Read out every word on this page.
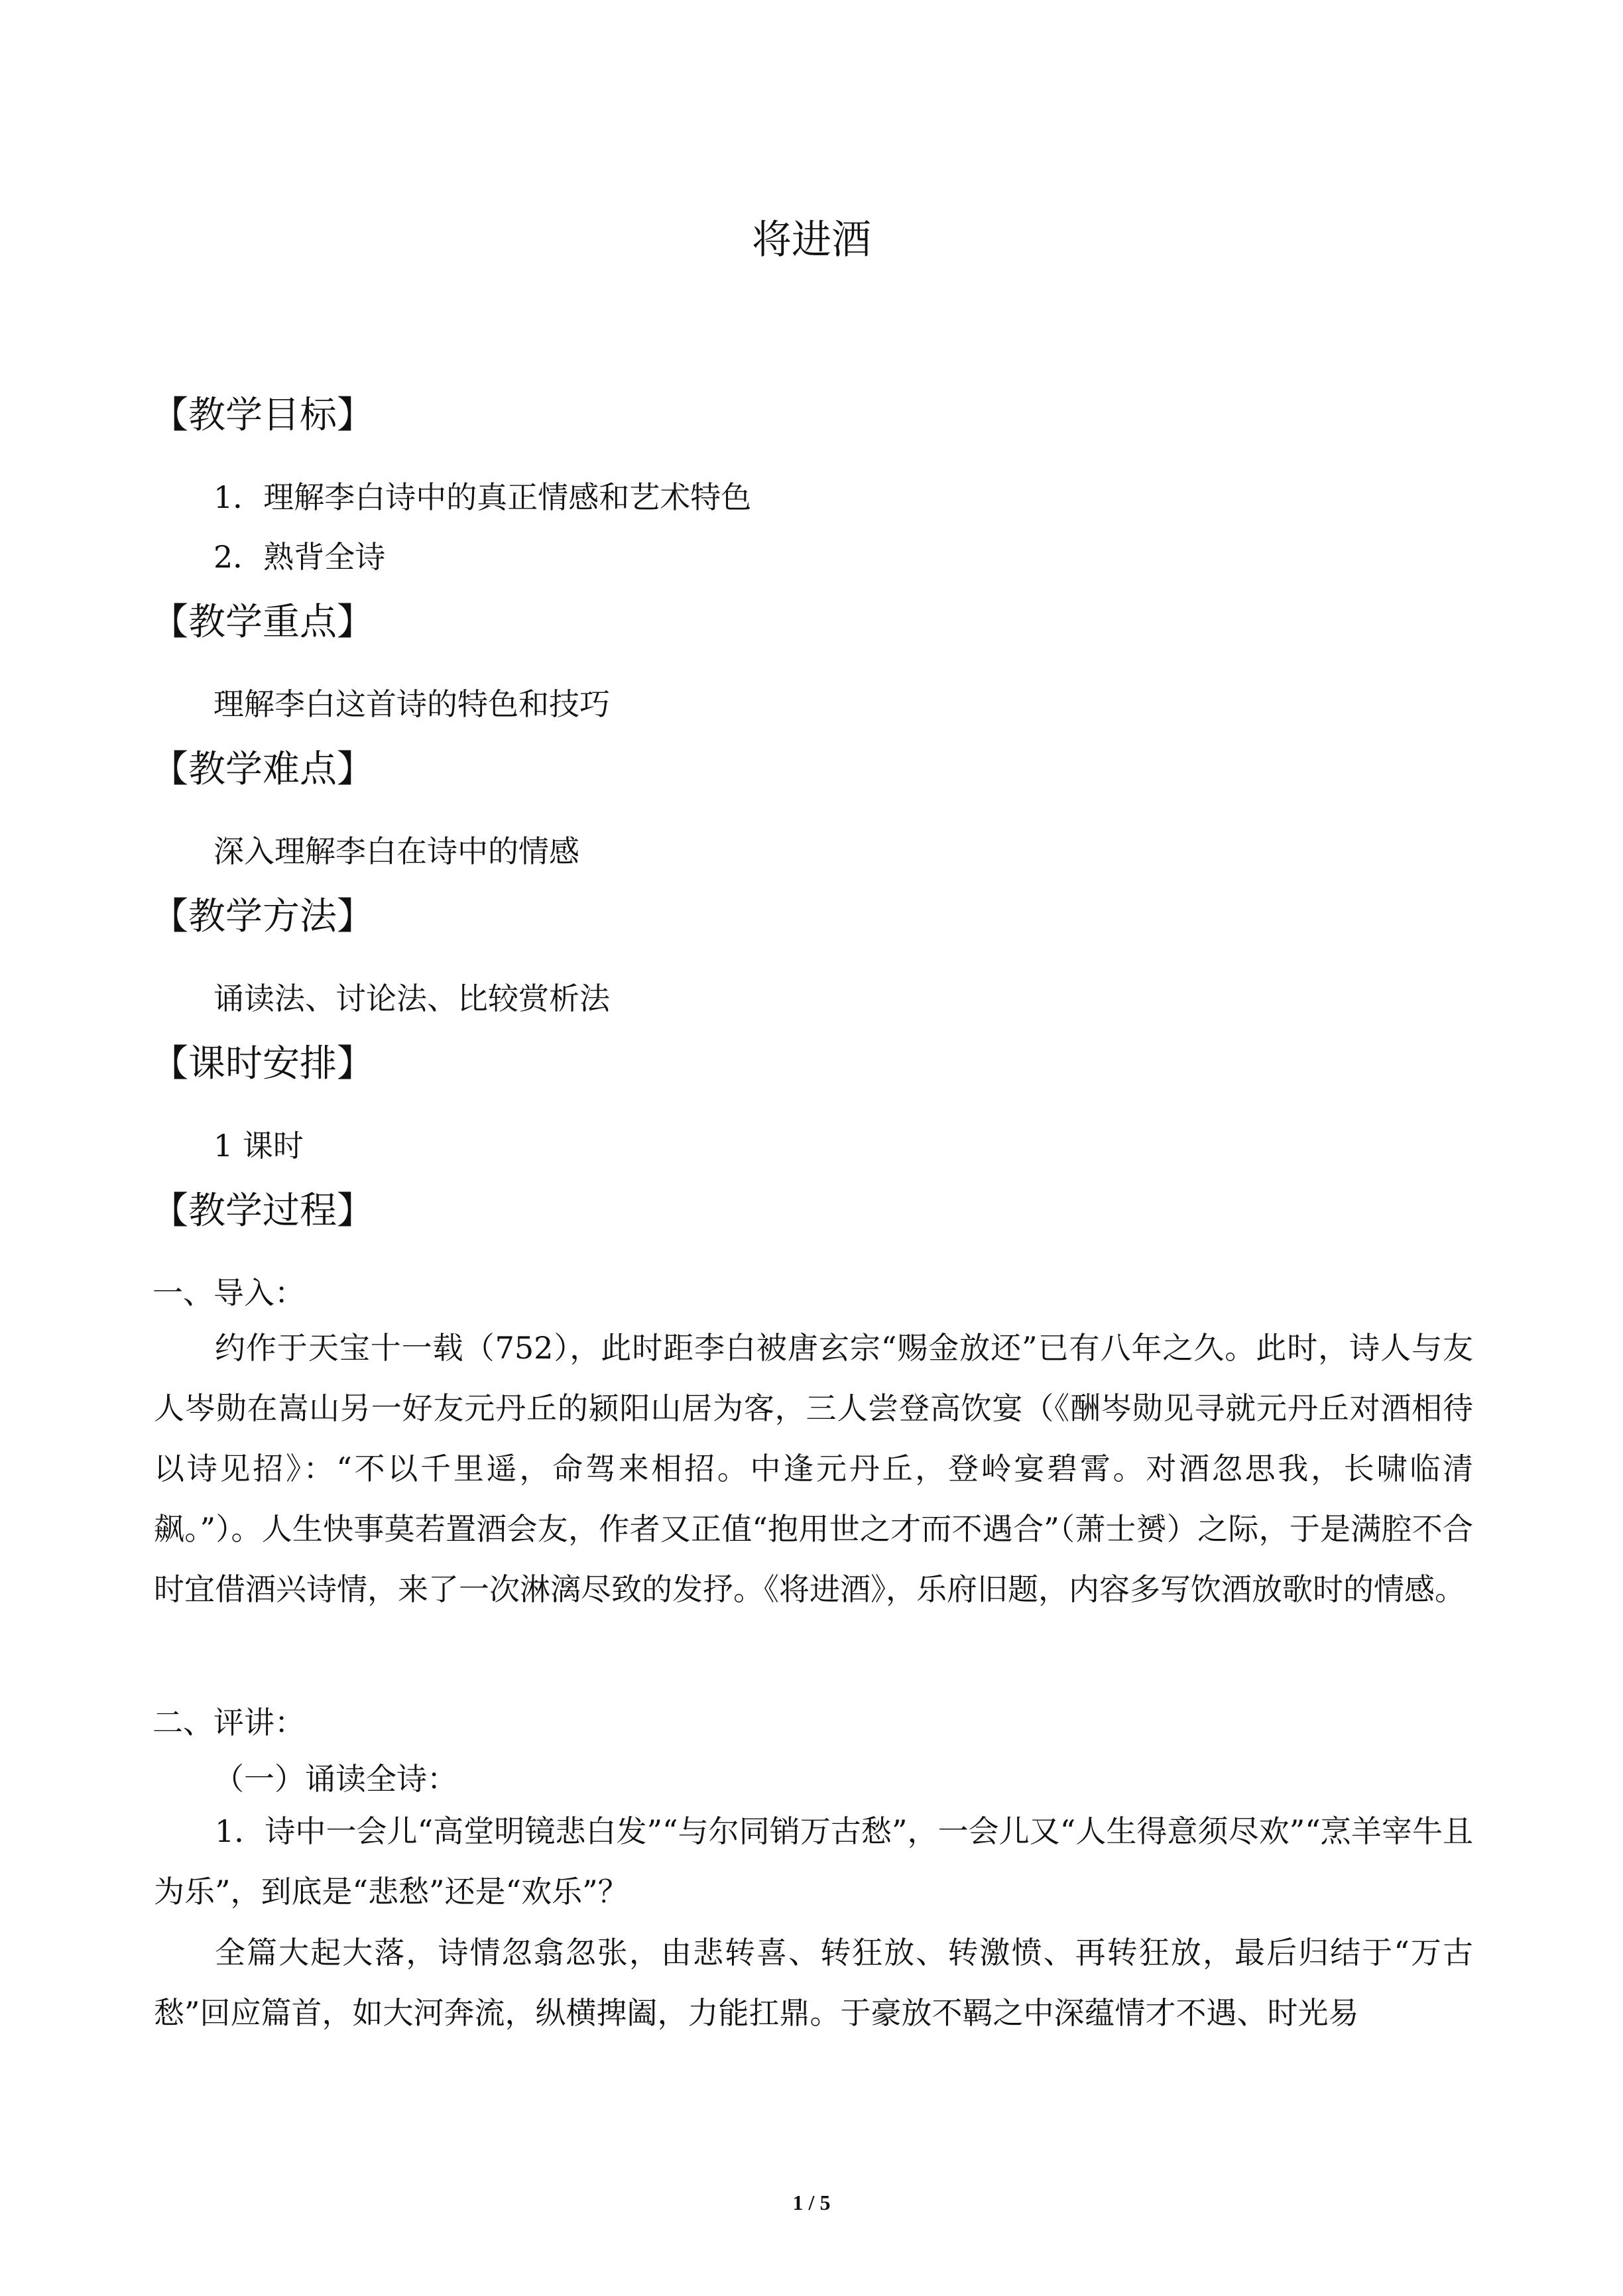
将进酒
【教学目标】
1．理解李白诗中的真正情感和艺术特色
2．熟背全诗
【教学重点】
理解李白这首诗的特色和技巧
【教学难点】
深入理解李白在诗中的情感
【教学方法】
诵读法、讨论法、比较赏析法
【课时安排】
1 课时
【教学过程】
一、导入：

约作于天宝十一载（752），此时距李白被唐玄宗“赐金放还”已有八年之久。此时，诗人与友人岑勋在嵩山另一好友元丹丘的颍阳山居为客，三人尝登高饮宴（《酬岑勋见寻就元丹丘对酒相待以诗见招》：“不以千里遥，命驾来相招。中逢元丹丘，登岭宴碧霄。对酒忽思我，长啸临清飙。”）。人生快事莫若置酒会友，作者又正值“抱用世之才而不遇合”（萧士赟）之际，于是满腔不合时宜借酒兴诗情，来了一次淋漓尽致的发抒。《将进酒》，乐府旧题，内容多写饮酒放歌时的情感。

二、评讲：
（一）诵读全诗：

1．诗中一会儿“高堂明镜悲白发”“与尔同销万古愁”，一会儿又“人生得意须尽欢”“烹羊宰牛且为乐”，到底是“悲愁”还是“欢乐”？

全篇大起大落，诗情忽翕忽张，由悲转喜、转狂放、转激愤、再转狂放，最后归结于“万古愁”回应篇首，如大河奔流，纵横捭阖，力能扛鼎。于豪放不羁之中深蕴情才不遇、时光易

1 / 5
